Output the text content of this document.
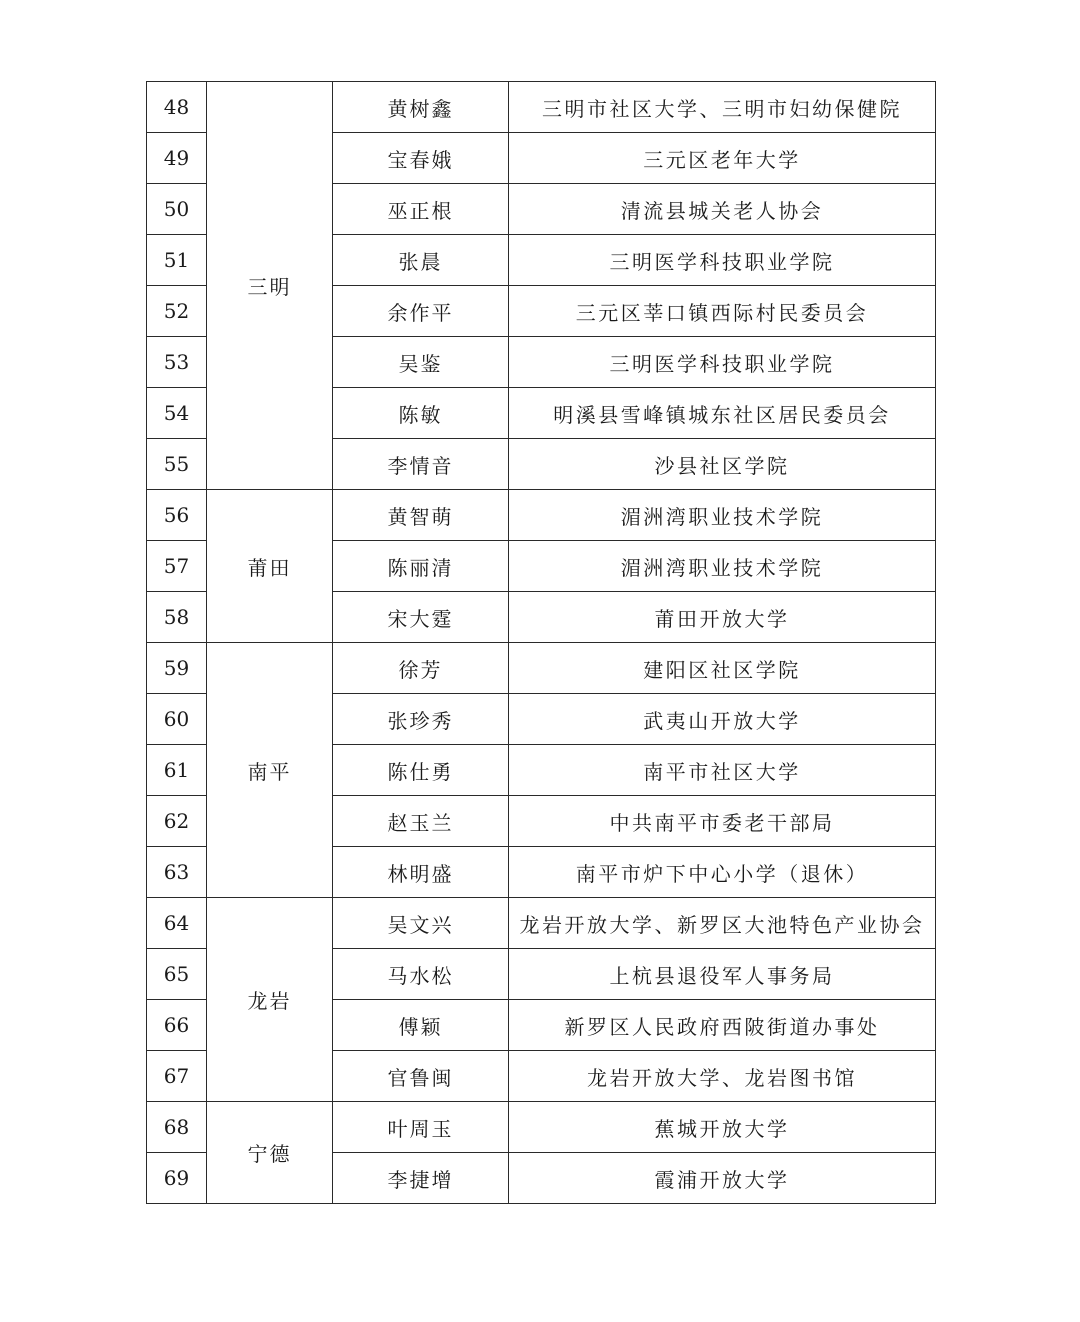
48	三明	黄树鑫	三明市社区大学、三明市妇幼保健院
49		宝春娥	三元区老年大学
50		巫正根	清流县城关老人协会
51		张晨	三明医学科技职业学院
52		余作平	三元区莘口镇西际村民委员会
53		吴鉴	三明医学科技职业学院
54		陈敏	明溪县雪峰镇城东社区居民委员会
55		李情音	沙县社区学院
56	莆田	黄智萌	湄洲湾职业技术学院
57		陈丽清	湄洲湾职业技术学院
58		宋大霆	莆田开放大学
59	南平	徐芳	建阳区社区学院
60		张珍秀	武夷山开放大学
61		陈仕勇	南平市社区大学
62		赵玉兰	中共南平市委老干部局
63		林明盛	南平市炉下中心小学（退休）
64	龙岩	吴文兴	龙岩开放大学、新罗区大池特色产业协会
65		马水松	上杭县退役军人事务局
66		傅颖	新罗区人民政府西陂街道办事处
67		官鲁闽	龙岩开放大学、龙岩图书馆
68	宁德	叶周玉	蕉城开放大学
69		李捷增	霞浦开放大学
